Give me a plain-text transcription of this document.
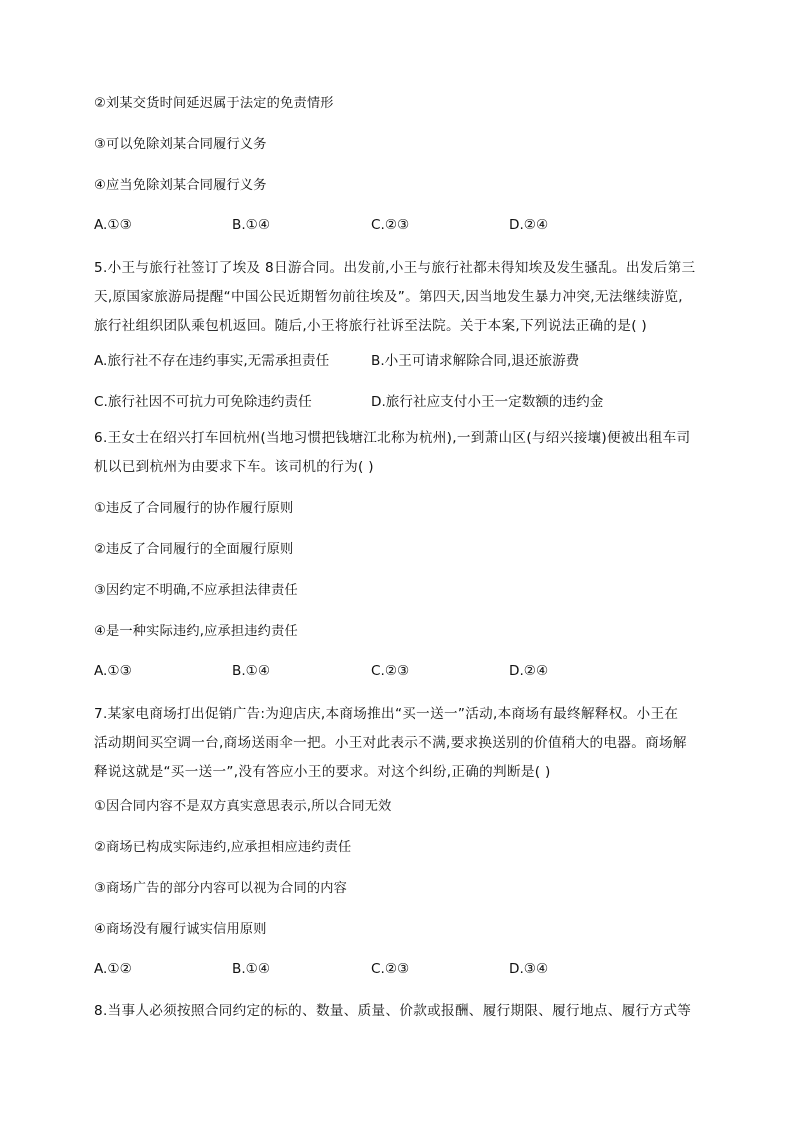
②刘某交货时间延迟属于法定的免责情形
③可以免除刘某合同履行义务
④应当免除刘某合同履行义务
A.①③	B.①④	C.②③	D.②④
5.小王与旅行社签订了埃及 8日游合同。出发前,小王与旅行社都未得知埃及发生骚乱。出发后第三
天,原国家旅游局提醒“中国公民近期暂勿前往埃及”。第四天,因当地发生暴力冲突,无法继续游览,
旅行社组织团队乘包机返回。随后,小王将旅行社诉至法院。关于本案,下列说法正确的是( )
A.旅行社不存在违约事实,无需承担责任	B.小王可请求解除合同,退还旅游费
C.旅行社因不可抗力可免除违约责任	D.旅行社应支付小王一定数额的违约金
6.王女士在绍兴打车回杭州(当地习惯把钱塘江北称为杭州),一到萧山区(与绍兴接壤)便被出租车司
机以已到杭州为由要求下车。该司机的行为( )
①违反了合同履行的协作履行原则
②违反了合同履行的全面履行原则
③因约定不明确,不应承担法律责任
④是一种实际违约,应承担违约责任
A.①③	B.①④	C.②③	D.②④
7.某家电商场打出促销广告:为迎店庆,本商场推出“买一送一”活动,本商场有最终解释权。小王在
活动期间买空调一台,商场送雨伞一把。小王对此表示不满,要求换送别的价值稍大的电器。商场解
释说这就是“买一送一”,没有答应小王的要求。对这个纠纷,正确的判断是( )
①因合同内容不是双方真实意思表示,所以合同无效
②商场已构成实际违约,应承担相应违约责任
③商场广告的部分内容可以视为合同的内容
④商场没有履行诚实信用原则
A.①②	B.①④	C.②③	D.③④
8.当事人必须按照合同约定的标的、数量、质量、价款或报酬、履行期限、履行地点、履行方式等
